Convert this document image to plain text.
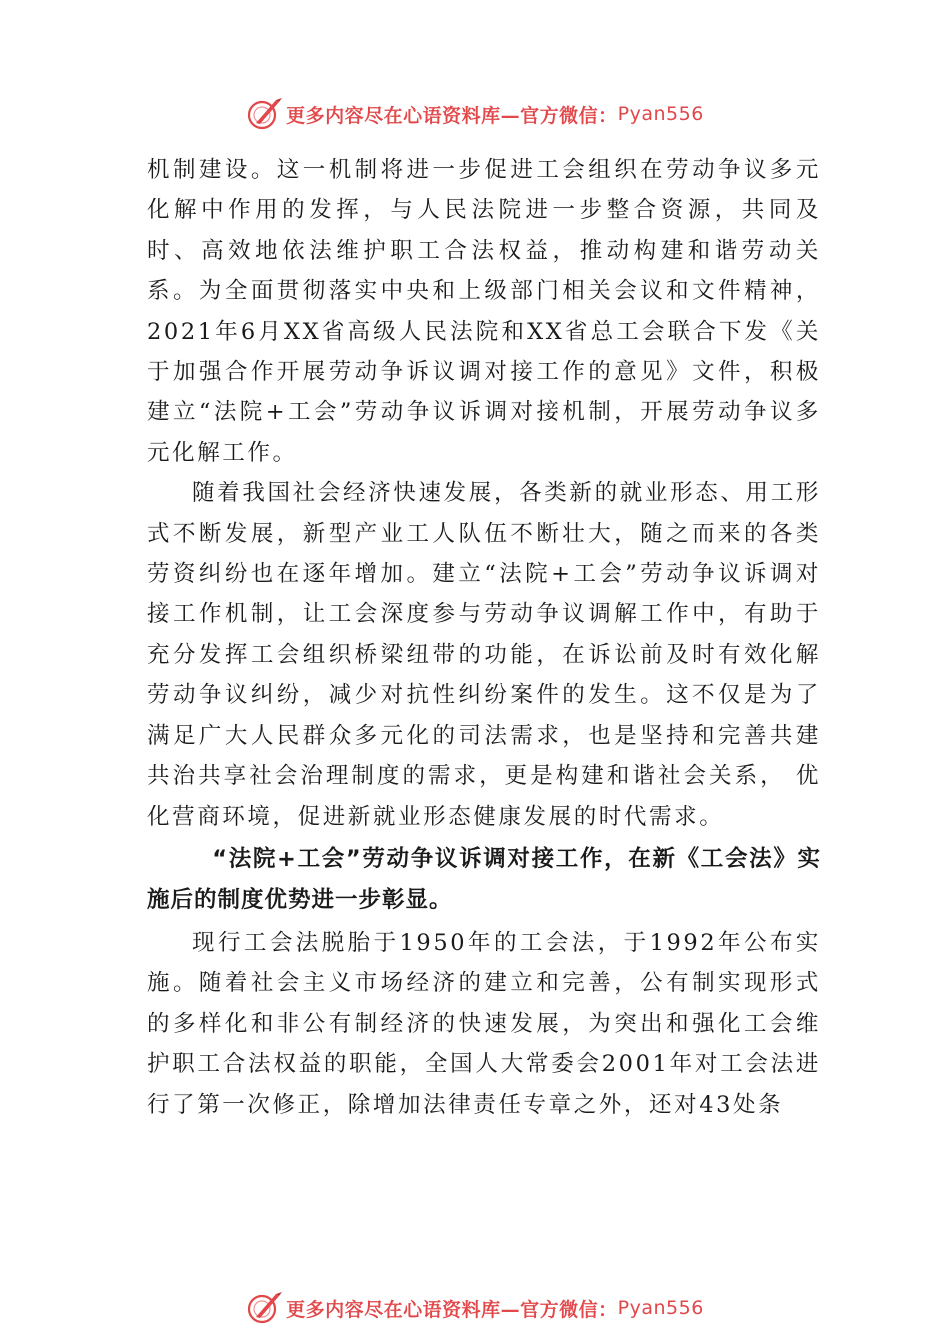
更多内容尽在心语资料库—官方微信： Pyan556

机制建设。这一机制将进一步促进工会组织在劳动争议多元化解中作用的发挥，与人民法院进一步整合资源，共同及时、高效地依法维护职工合法权益，推动构建和谐劳动关系。为全面贯彻落实中央和上级部门相关会议和文件精神，2021年6月XX省高级人民法院和XX省总工会联合下发《关于加强合作开展劳动争诉议调对接工作的意见》文件，积极建立“法院+工会”劳动争议诉调对接机制，开展劳动争议多元化解工作。

随着我国社会经济快速发展，各类新的就业形态、用工形式不断发展，新型产业工人队伍不断壮大，随之而来的各类劳资纠纷也在逐年增加。建立“法院+工会”劳动争议诉调对接工作机制，让工会深度参与劳动争议调解工作中，有助于充分发挥工会组织桥梁纽带的功能，在诉讼前及时有效化解劳动争议纠纷，减少对抗性纠纷案件的发生。这不仅是为了满足广大人民群众多元化的司法需求，也是坚持和完善共建共治共享社会治理制度的需求，更是构建和谐社会关系， 优化营商环境，促进新就业形态健康发展的时代需求。

“法院+工会”劳动争议诉调对接工作，在新《工会法》实施后的制度优势进一步彰显。

现行工会法脱胎于1950年的工会法，于1992年公布实施。随着社会主义市场经济的建立和完善，公有制实现形式的多样化和非公有制经济的快速发展，为突出和强化工会维护职工合法权益的职能，全国人大常委会2001年对工会法进行了第一次修正，除增加法律责任专章之外，还对43处条

更多内容尽在心语资料库—官方微信： Pyan556
